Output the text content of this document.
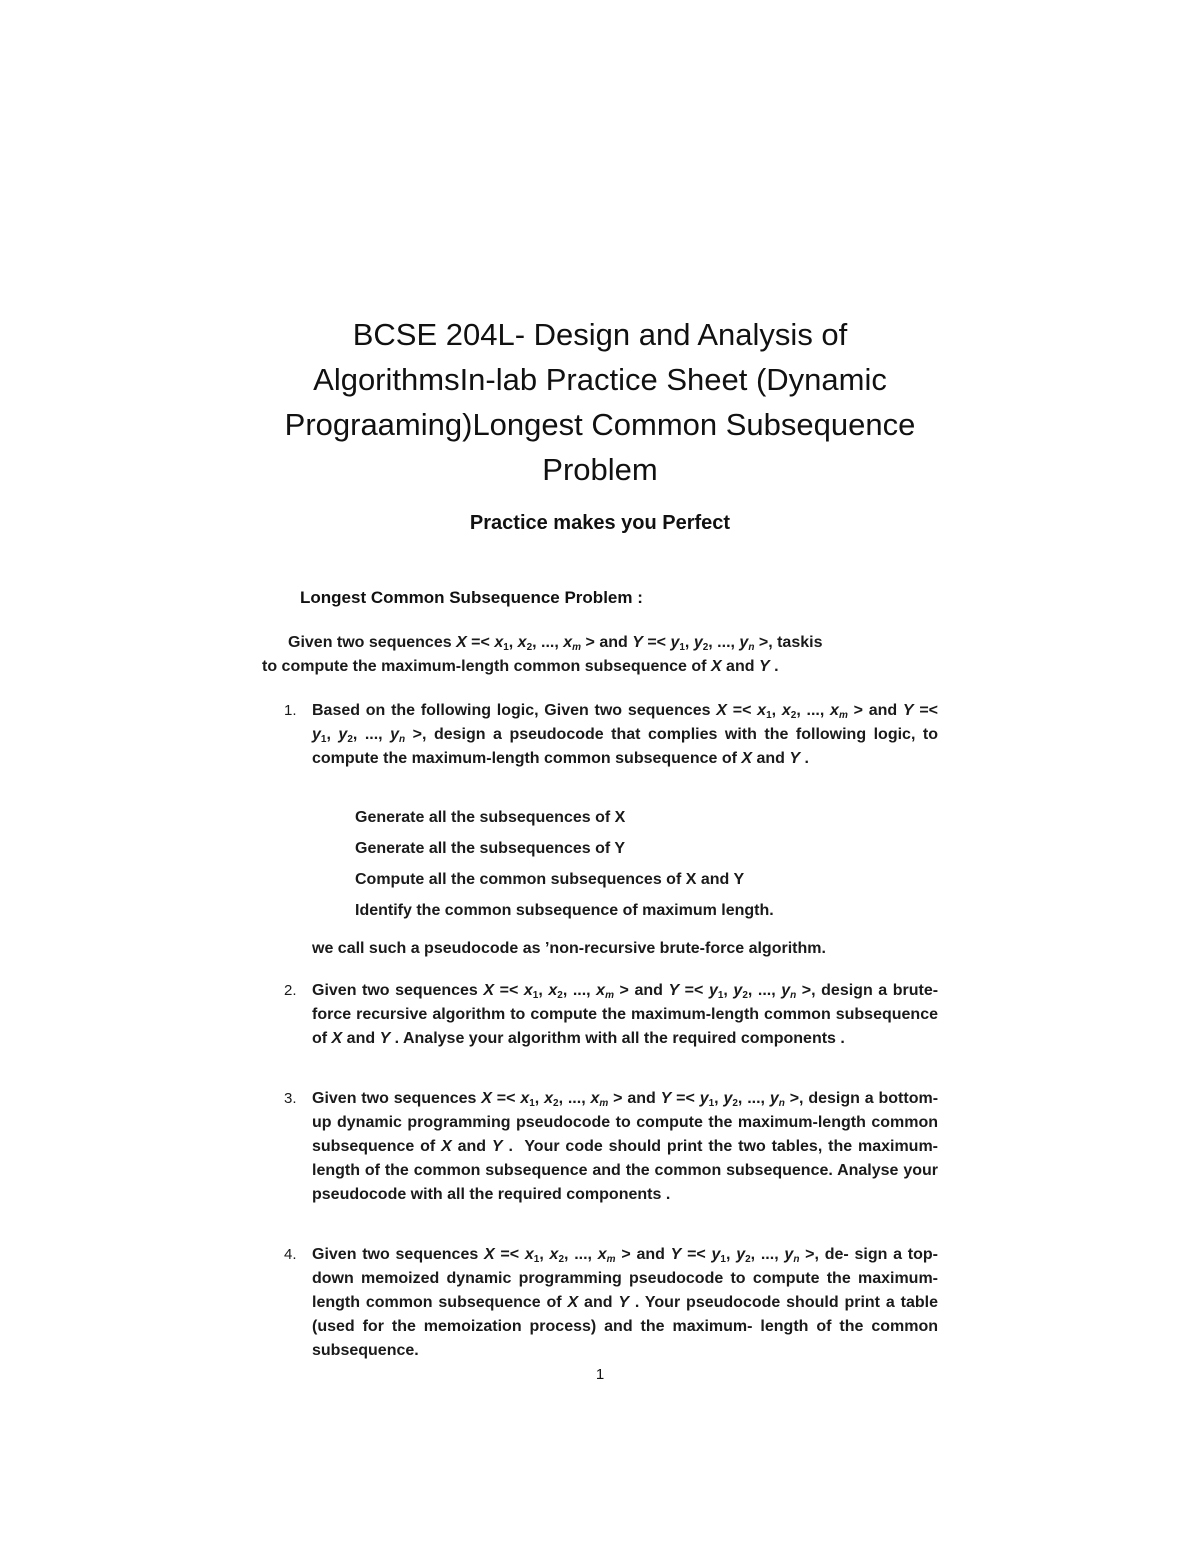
BCSE 204L- Design and Analysis of
AlgorithmsIn-lab Practice Sheet (Dynamic
Prograaming)Longest Common Subsequence
Problem
Practice makes you Perfect
Longest Common Subsequence Problem :
Given two sequences $X =< x_1$, $x_2$, ..., $x_m$ > and $Y =< y_1$, $y_2$, ..., $y_n$ >, taskis
to compute the maximum-length common subsequence of X and Y .
1. Based on the following logic, Given two sequences $X =< x_1$, $x_2$, ..., $x_m$ > and $Y =< y_1$, $y_2$, ..., $y_n$ >, design a pseudocode that complies with the following logic, to compute the maximum-length common subsequence of X and Y .
Generate all the subsequences of X
Generate all the subsequences of Y
Compute all the common subsequences of X and Y
Identify the common subsequence of maximum length.
we call such a pseudocode as ’non-recursive brute-force algorithm.
2. Given two sequences $X =< x_1$, $x_2$, ..., $x_m$ > and $Y =< y_1$, $y_2$, ..., $y_n$ >, design a brute-force recursive algorithm to compute the maximum-length common subsequence of X and Y . Analyse your algorithm with all the required components .
3. Given two sequences $X =< x_1$, $x_2$, ..., $x_m$ > and $Y =< y_1$, $y_2$, ..., $y_n$ >, design a bottom-up dynamic programming pseudocode to compute the maximum-length common subsequence of X and Y .  Your code should print the two tables, the maximum-length of the common subsequence and the common subsequence. Analyse your pseudocode with all the required components .
4. Given two sequences $X =< x_1$, $x_2$, ..., $x_m$ > and $Y =< y_1$, $y_2$, ..., $y_n$ >, de- sign a top-down memoized dynamic programming pseudocode to compute the maximum-length common subsequence of X and Y . Your pseudocode should print a table (used for the memoization process) and the maximum- length of the common subsequence.
1
